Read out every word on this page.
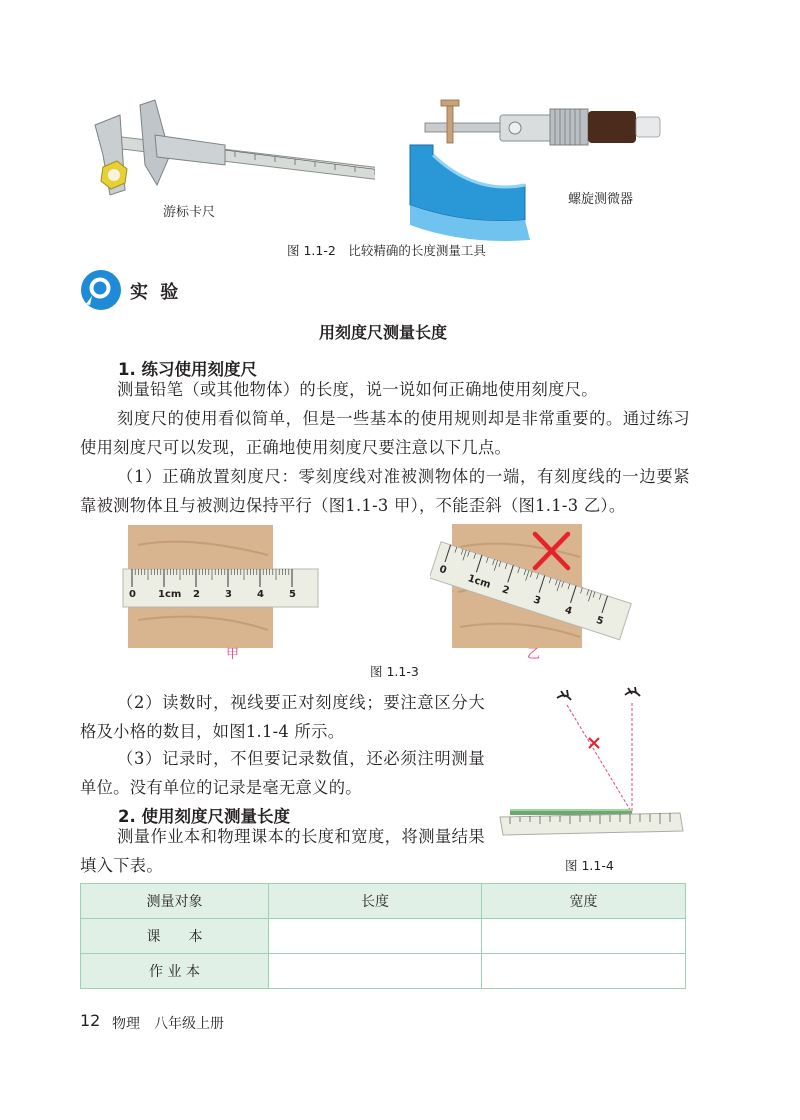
游标卡尺
螺旋测微器
图 1.1-2　比较精确的长度测量工具
实 验
用刻度尺测量长度
1. 练习使用刻度尺
测量铅笔（或其他物体）的长度，说一说如何正确地使用刻度尺。
刻度尺的使用看似简单，但是一些基本的使用规则却是非常重要的。通过练习使用刻度尺可以发现，正确地使用刻度尺要注意以下几点。
（1）正确放置刻度尺：零刻度线对准被测物体的一端，有刻度线的一边要紧靠被测物体且与被测边保持平行（图1.1-3 甲），不能歪斜（图1.1-3 乙）。
0 1cm 2	3	4	5
甲
0
1cm 2
3
4
5
乙
图 1.1-3
（2）读数时，视线要正对刻度线；要注意区分大格及小格的数目，如图1.1-4 所示。
（3）记录时，不但要记录数值，还必须注明测量单位。没有单位的记录是毫无意义的。
图 1.1-4
2. 使用刻度尺测量长度
测量作业本和物理课本的长度和宽度，将测量结果填入下表。
测量对象	长度	宽度
课　　本		
作 业 本		
12 物理　八年级上册
